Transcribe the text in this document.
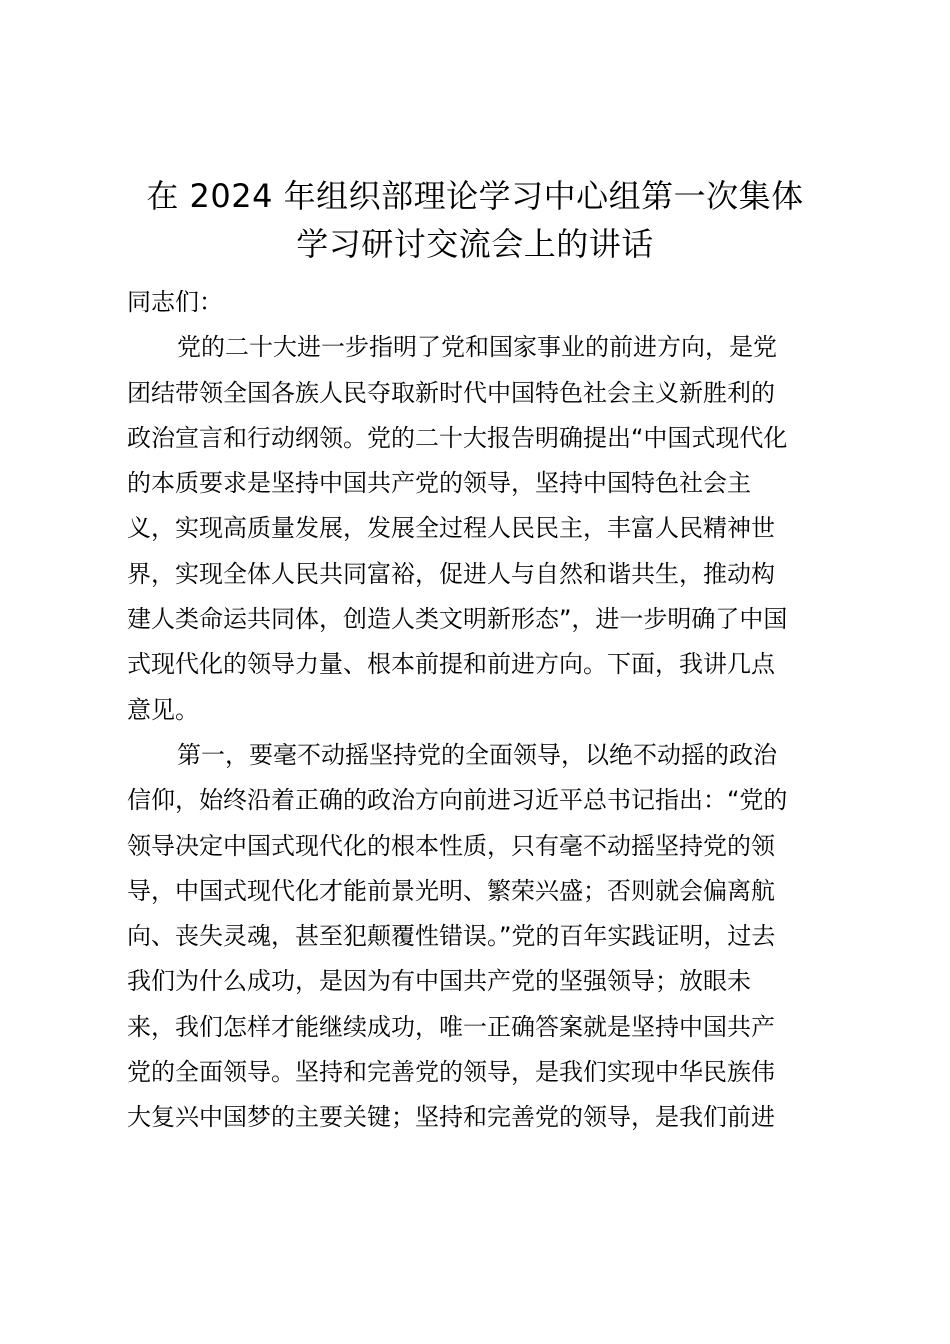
在 2024 年组织部理论学习中心组第一次集体
学习研讨交流会上的讲话
同志们：
党的二十大进一步指明了党和国家事业的前进方向，是党
团结带领全国各族人民夺取新时代中国特色社会主义新胜利的
政治宣言和行动纲领。党的二十大报告明确提出“中国式现代化
的本质要求是坚持中国共产党的领导，坚持中国特色社会主
义，实现高质量发展，发展全过程人民民主，丰富人民精神世
界，实现全体人民共同富裕，促进人与自然和谐共生，推动构
建人类命运共同体，创造人类文明新形态”，进一步明确了中国
式现代化的领导力量、根本前提和前进方向。下面，我讲几点
意见。
第一，要毫不动摇坚持党的全面领导，以绝不动摇的政治
信仰，始终沿着正确的政治方向前进习近平总书记指出：“党的
领导决定中国式现代化的根本性质，只有毫不动摇坚持党的领
导，中国式现代化才能前景光明、繁荣兴盛；否则就会偏离航
向、丧失灵魂，甚至犯颠覆性错误。”党的百年实践证明，过去
我们为什么成功，是因为有中国共产党的坚强领导；放眼未
来，我们怎样才能继续成功，唯一正确答案就是坚持中国共产
党的全面领导。坚持和完善党的领导，是我们实现中华民族伟
大复兴中国梦的主要关键；坚持和完善党的领导，是我们前进
